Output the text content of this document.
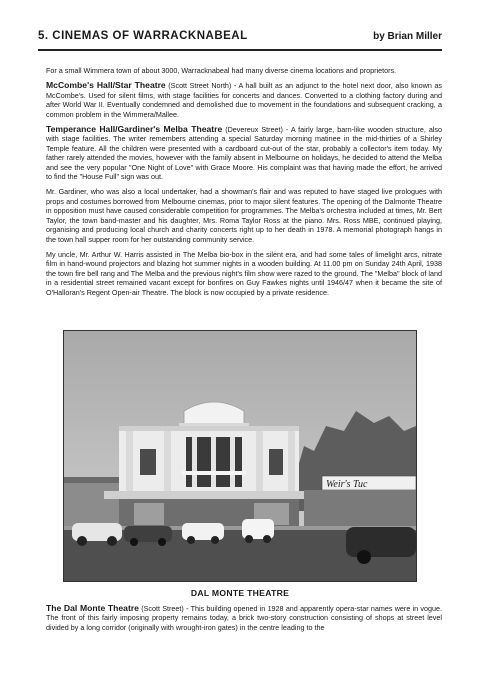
5. CINEMAS OF WARRACKNABEAL	by Brian Miller

For a small Wimmera town of about 3000, Warracknabeal had many diverse cinema locations and proprietors.

McCombe's Hall/Star Theatre (Scott Street North) - A hall built as an adjunct to the hotel next door, also known as McCombe's. Used for silent films, with stage facilities for concerts and dances. Converted to a clothing factory during and after World War II. Eventually condemned and demolished due to movement in the foundations and subsequent cracking, a common problem in the Wimmera/Mallee.

Temperance Hall/Gardiner's Melba Theatre (Devereux Street) - A fairly large, barn-like wooden structure, also with stage facilities. The writer remembers attending a special Saturday morning matinee in the mid-thirties of a Shirley Temple feature. All the children were presented with a cardboard cut-out of the star, probably a collector's item today. My father rarely attended the movies, however with the family absent in Melbourne on holidays, he decided to attend the Melba and see the very popular "One Night of Love" with Grace Moore. His complaint was that having made the effort, he arrived to find the "House Full" sign was out.

Mr. Gardiner, who was also a local undertaker, had a showman's flair and was reputed to have staged live prologues with props and costumes borrowed from Melbourne cinemas, prior to major silent features. The opening of the Dalmonte Theatre in opposition must have caused considerable competition for programmes. The Melba's orchestra included at times, Mr. Bert Taylor, the town band-master and his daughter, Mrs. Roma Taylor Ross at the piano. Mrs. Ross MBE, continued playing, organising and producing local church and charity concerts right up to her death in 1978. A memorial photograph hangs in the town hall supper room for her outstanding community service.

My uncle, Mr. Arthur W. Harris assisted in The Melba bio-box in the silent era, and had some tales of limelight arcs, nitrate film in hand-wound projectors and blazing hot summer nights in a wooden building. At 11.00 pm on Sunday 24th April, 1938 the town fire bell rang and The Melba and the previous night's film show were razed to the ground. The "Melba" block of land in a residential street remained vacant except for bonfires on Guy Fawkes nights until 1946/47 when it became the site of O'Halloran's Regent Open-air Theatre. The block is now occupied by a private residence.

Weir's Tuc
DAL MONTE THEATRE

The Dal Monte Theatre (Scott Street) - This building opened in 1928 and apparently opera-star names were in vogue. The front of this fairly imposing property remains today, a brick two-story construction consisting of shops at street level divided by a long corridor (originally with wrought-iron gates) in the centre leading to the
